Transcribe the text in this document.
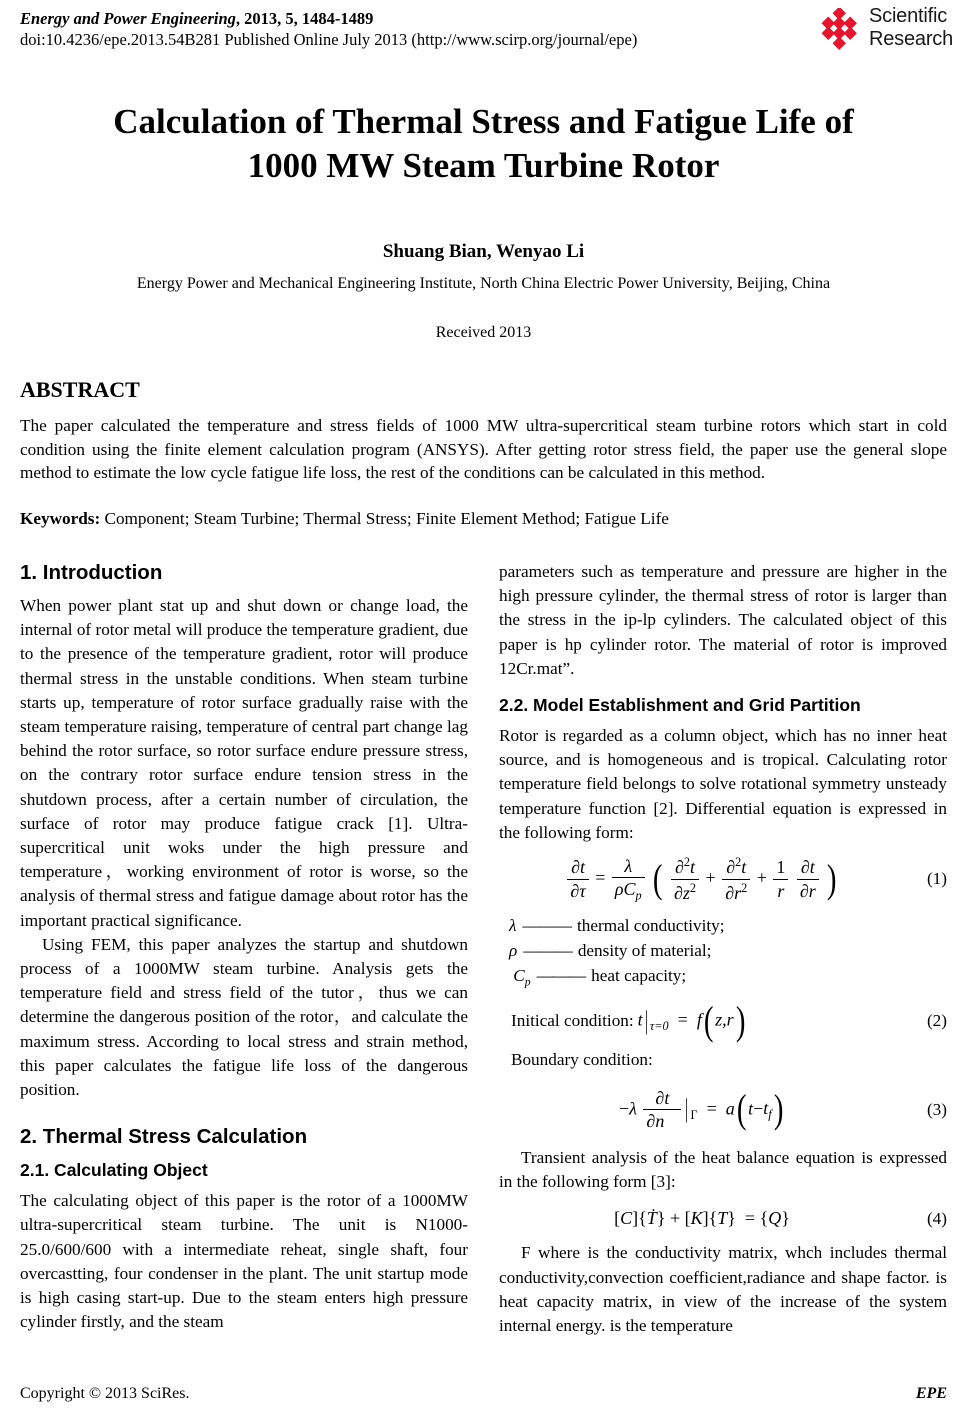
Energy and Power Engineering, 2013, 5, 1484-1489
doi:10.4236/epe.2013.54B281 Published Online July 2013 (http://www.scirp.org/journal/epe)
Scientific
Research
Calculation of Thermal Stress and Fatigue Life of
1000 MW Steam Turbine Rotor
Shuang Bian, Wenyao Li
Energy Power and Mechanical Engineering Institute, North China Electric Power University, Beijing, China
Received 2013
ABSTRACT
The paper calculated the temperature and stress fields of 1000 MW ultra-supercritical steam turbine rotors which start in cold condition using the finite element calculation program (ANSYS). After getting rotor stress field, the paper use the general slope method to estimate the low cycle fatigue life loss, the rest of the conditions can be calculated in this method.
Keywords: Component; Steam Turbine; Thermal Stress; Finite Element Method; Fatigue Life
1. Introduction

When power plant stat up and shut down or change load, the internal of rotor metal will produce the temperature gradient, due to the presence of the temperature gradient, rotor will produce thermal stress in the unstable conditions. When steam turbine starts up, temperature of rotor surface gradually raise with the steam temperature raising, temperature of central part change lag behind the rotor surface, so rotor surface endure pressure stress, on the contrary rotor surface endure tension stress in the shutdown process, after a certain number of circulation, the surface of rotor may produce fatigue crack [1]. Ultra-supercritical unit woks under the high pressure and temperature，working environment of rotor is worse, so the analysis of thermal stress and fatigue damage about rotor has the important practical significance.

Using FEM, this paper analyzes the startup and shutdown process of a 1000MW steam turbine. Analysis gets the temperature field and stress field of the tutor，thus we can determine the dangerous position of the rotor，and calculate the maximum stress. According to local stress and strain method, this paper calculates the fatigue life loss of the dangerous position.

2. Thermal Stress Calculation
2.1. Calculating Object

The calculating object of this paper is the rotor of a 1000MW ultra-supercritical steam turbine. The unit is N1000-25.0/600/600 with a intermediate reheat, single shaft, four overcastting, four condenser in the plant. The unit startup mode is high casing start-up. Due to the steam enters high pressure cylinder firstly, and the steam

parameters such as temperature and pressure are higher in the high pressure cylinder, the thermal stress of rotor is larger than the stress in the ip-lp cylinders. The calculated object of this paper is hp cylinder rotor. The material of rotor is improved 12Cr.mat”.

2.2. Model Establishment and Grid Partition

Rotor is regarded as a column object, which has no inner heat source, and is homogeneous and is tropical. Calculating rotor temperature field belongs to solve rotational symmetry unsteady temperature function [2]. Differential equation is expressed in the following form:

$\frac{\partial t}{\partial\tau} = \frac{\lambda}{\rho C_p}$ ( $\frac{\partial^2t}{\partial z^2} + \frac{\partial^2t}{\partial r^2} + \frac{1}{r}$
$\frac{\partial t}{\partial r}$ )	(1)
λ ——— thermal conductivity;
ρ ——— density of material;
$C_p$ ——— heat capacity;
Initical condition: t| $_{\tau=0}$  =  f( z,r)	(2)

Boundary condition:

$-\lambda \frac{\partial t}{\partial n⃗}$ | $_\Gamma$  =  a( $t-t_f$)	(3)

Transient analysis of the heat balance equation is expressed in the following form [3]:

[C]{Ṫ} + [K]{T}  = {Q}	(4)

F where is the conductivity matrix, whch includes thermal conductivity,convection coefficient,radiance and shape factor. is heat capacity matrix, in view of the increase of the system internal energy. is the temperature

Copyright © 2013 SciRes.	EPE
